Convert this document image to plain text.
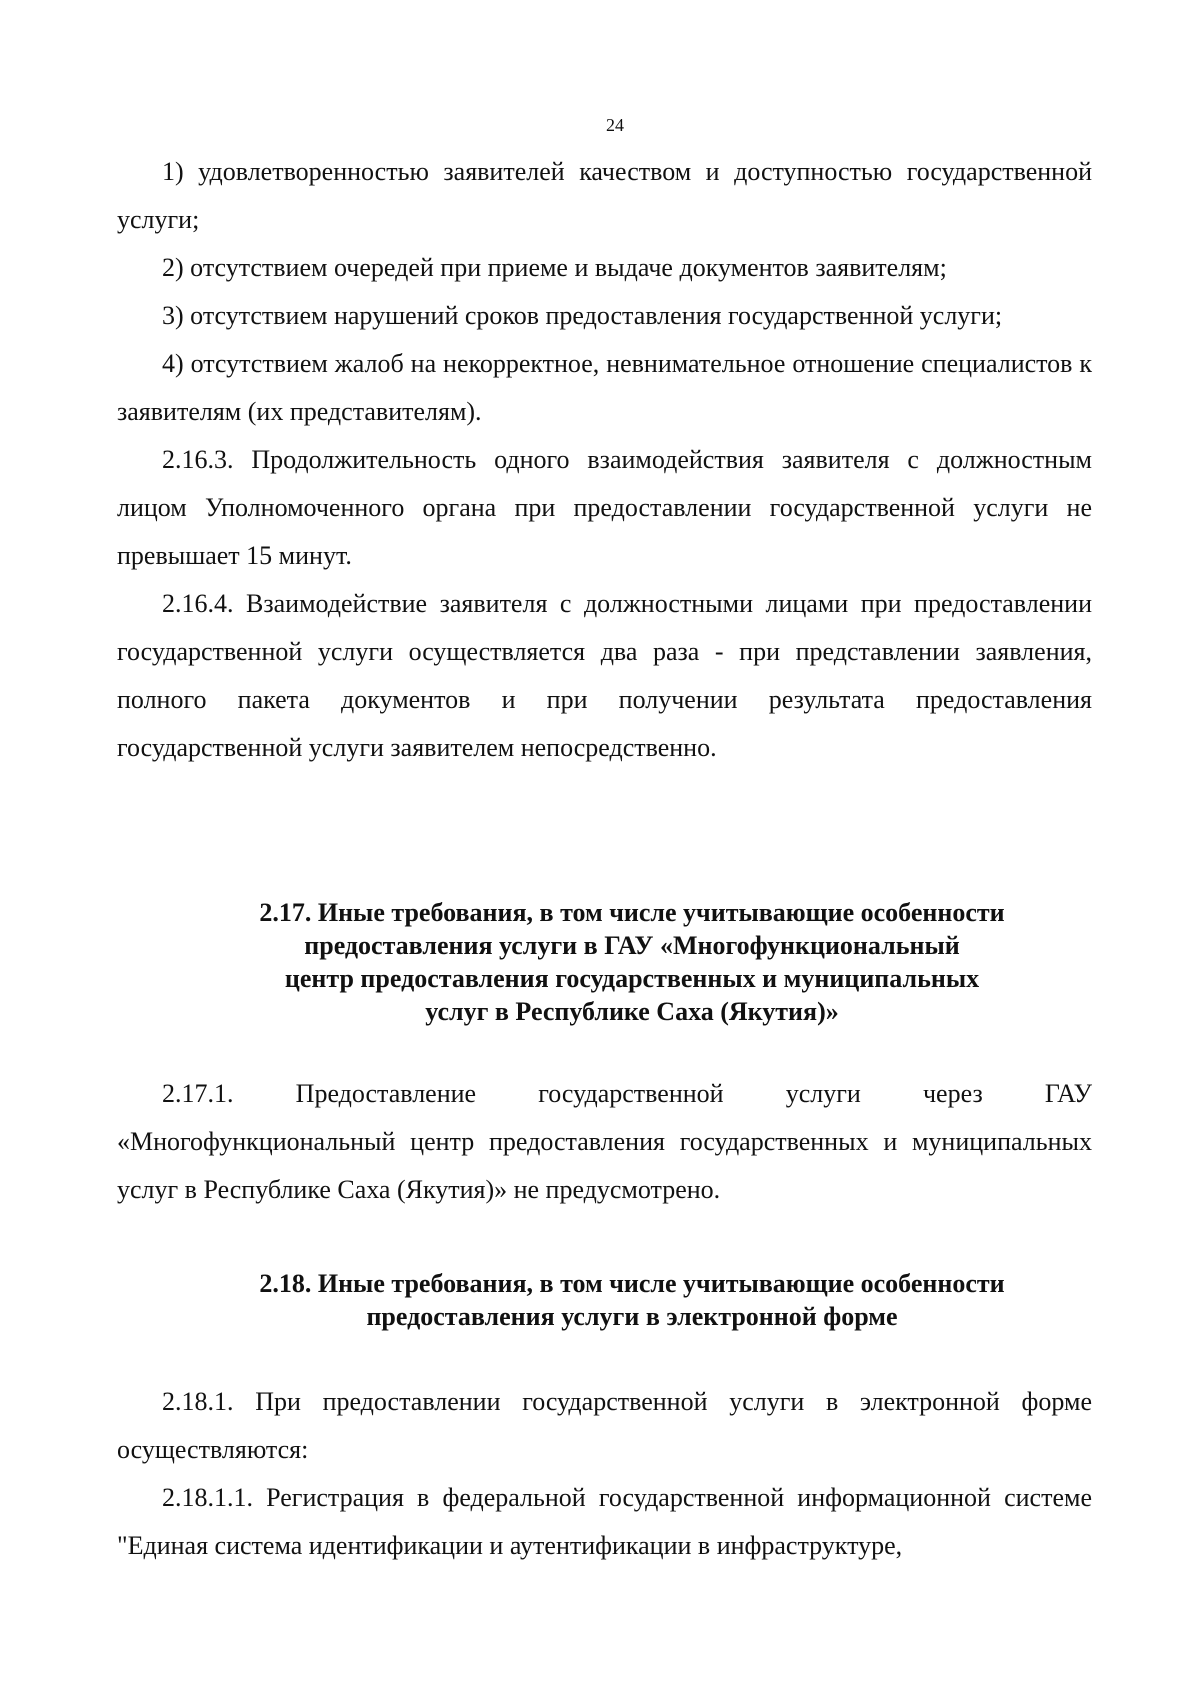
24

1) удовлетворенностью заявителей качеством и доступностью государственной услуги;

2) отсутствием очередей при приеме и выдаче документов заявителям;

3) отсутствием нарушений сроков предоставления государственной услуги;

4) отсутствием жалоб на некорректное, невнимательное отношение специалистов к заявителям (их представителям).

2.16.3. Продолжительность одного взаимодействия заявителя с должностным лицом Уполномоченного органа при предоставлении государственной услуги не превышает 15 минут.

2.16.4. Взаимодействие заявителя с должностными лицами при предоставлении государственной услуги осуществляется два раза - при представлении заявления, полного пакета документов и при получении результата предоставления государственной услуги заявителем непосредственно.

2.17. Иные требования, в том числе учитывающие особенности
предоставления услуги в ГАУ «Многофункциональный
центр предоставления государственных и муниципальных
услуг в Республике Саха (Якутия)»

2.17.1. Предоставление государственной услуги через ГАУ «Многофункциональный центр предоставления государственных и муниципальных услуг в Республике Саха (Якутия)» не предусмотрено.

2.18. Иные требования, в том числе учитывающие особенности
предоставления услуги в электронной форме

2.18.1. При предоставлении государственной услуги в электронной форме осуществляются:

2.18.1.1. Регистрация в федеральной государственной информационной системе "Единая система идентификации и аутентификации в инфраструктуре,
